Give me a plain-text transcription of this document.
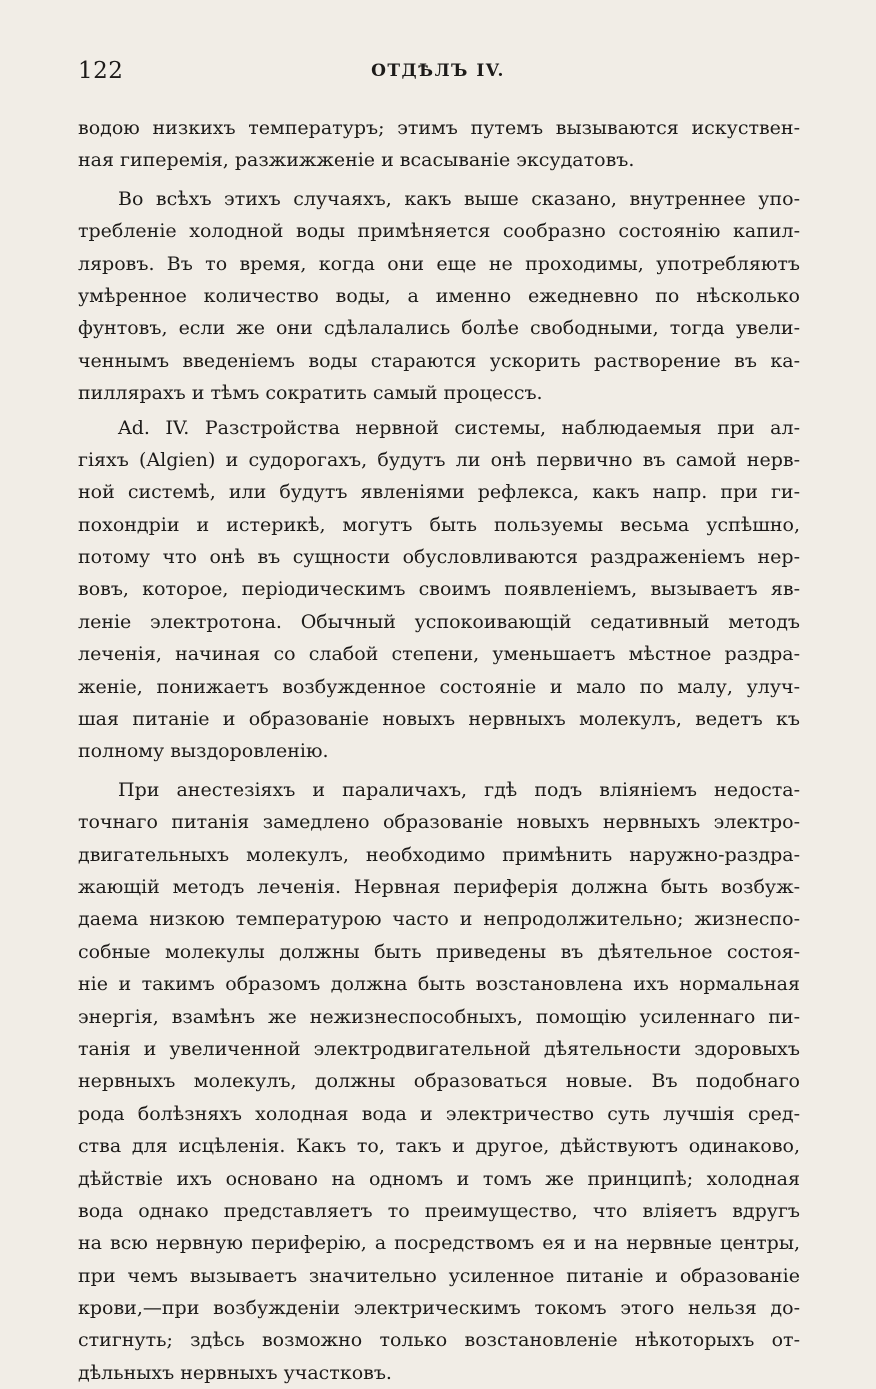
122	ОТДѢЛЪ IV.
водою низкихъ температуръ; этимъ путемъ вызываются искуствен-
ная гиперемія, разжижженіе и всасываніе эксудатовъ.
Во всѣхъ этихъ случаяхъ, какъ выше сказано, внутреннее упо-
требленіе холодной воды примѣняется сообразно состоянію капил-
ляровъ. Въ то время, когда они еще не проходимы, употребляютъ
умѣренное количество воды, а именно ежедневно по нѣсколько
фунтовъ, если же они сдѣлалались болѣе свободными, тогда увели-
ченнымъ введеніемъ воды стараются ускорить растворение въ ка-
пиллярахъ и тѣмъ сократить самый процессъ.
Ad. IV. Разстройства нервной системы, наблюдаемыя при ал-
гіяхъ (Algien) и судорогахъ, будутъ ли онѣ первично въ самой нерв-
ной системѣ, или будутъ явленіями рефлекса, какъ напр. при ги-
похондріи и истерикѣ, могутъ быть пользуемы весьма успѣшно,
потому что онѣ въ сущности обусловливаются раздраженіемъ нер-
вовъ, которое, періодическимъ своимъ появленіемъ, вызываетъ яв-
леніе электротона. Обычный успокоивающій седативный методъ
леченія, начиная со слабой степени, уменьшаетъ мѣстное раздра-
женіе, понижаетъ возбужденное состояніе и мало по малу, улуч-
шая питаніе и образованіе новыхъ нервныхъ молекулъ, ведетъ къ
полному выздоровленію.
При анестезіяхъ и параличахъ, гдѣ подъ вліяніемъ недоста-
точнаго питанія замедлено образованіе новыхъ нервныхъ электро-
двигательныхъ молекулъ, необходимо примѣнить наружно-раздра-
жающій методъ леченія. Нервная периферія должна быть возбуж-
даема низкою температурою часто и непродолжительно; жизнеспо-
собные молекулы должны быть приведены въ дѣятельное состоя-
ніе и такимъ образомъ должна быть возстановлена ихъ нормальная
энергія, взамѣнъ же нежизнеспособныхъ, помощію усиленнаго пи-
танія и увеличенной электродвигательной дѣятельности здоровыхъ
нервныхъ молекулъ, должны образоваться новые. Въ подобнаго
рода болѣзняхъ холодная вода и электричество суть лучшія сред-
ства для исцѣленія. Какъ то, такъ и другое, дѣйствуютъ одинаково,
дѣйствіе ихъ основано на одномъ и томъ же принципѣ; холодная
вода однако представляетъ то преимущество, что вліяетъ вдругъ
на всю нервную периферію, а посредствомъ ея и на нервные центры,
при чемъ вызываетъ значительно усиленное питаніе и образованіе
крови,—при возбужденіи электрическимъ токомъ этого нельзя до-
стигнуть; здѣсь возможно только возстановленіе нѣкоторыхъ от-
дѣльныхъ нервныхъ участковъ.
